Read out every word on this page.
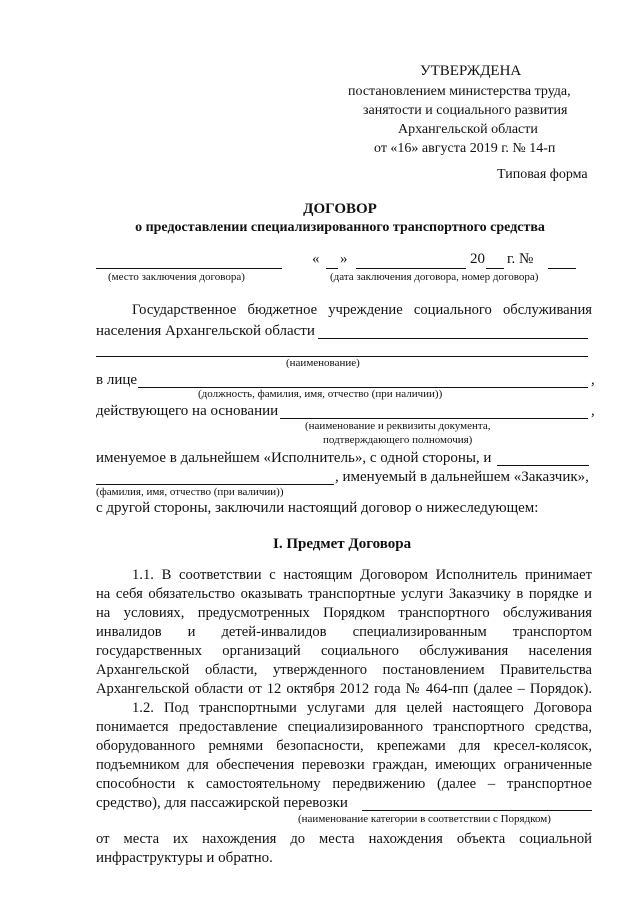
УТВЕРЖДЕНА
постановлением министерства труда,
занятости и социального развития
Архангельской области
от «16» августа 2019 г. № 14-п
Типовая форма
ДОГОВОР
о предоставлении специализированного транспортного средства
« »	20 г. №
(место заключения договора)	(дата заключения договора, номер договора)
Государственное бюджетное учреждение социального обслуживания
населения Архангельской области
(наименование)
в лице	,
(должность, фамилия, имя, отчество (при наличии))
действующего на основании	,
(наименование и реквизиты документа,
подтверждающего полномочия)
именуемое в дальнейшем «Исполнитель», с одной стороны, и
, именуемый в дальнейшем «Заказчик»,
(фамилия, имя, отчество (при валичии))
с другой стороны, заключили настоящий договор о нижеследующем:
I. Предмет Договора
1.1. В соответствии с настоящим Договором Исполнитель принимает
на себя обязательство оказывать транспортные услуги Заказчику в порядке и
на условиях, предусмотренных Порядком транспортного обслуживания
инвалидов и детей-инвалидов специализированным транспортом
государственных организаций социального обслуживания населения
Архангельской области, утвержденного постановлением Правительства
Архангельской области от 12 октября 2012 года № 464-пп (далее – Порядок).
1.2. Под транспортными услугами для целей настоящего Договора
понимается предоставление специализированного транспортного средства,
оборудованного ремнями безопасности, крепежами для кресел-колясок,
подъемником для обеспечения перевозки граждан, имеющих ограниченные
способности к самостоятельному передвижению (далее – транспортное
средство), для пассажирской перевозки
(наименование категории в соответствии с Порядком)
от места их нахождения до места нахождения объекта социальной
инфраструктуры и обратно.
